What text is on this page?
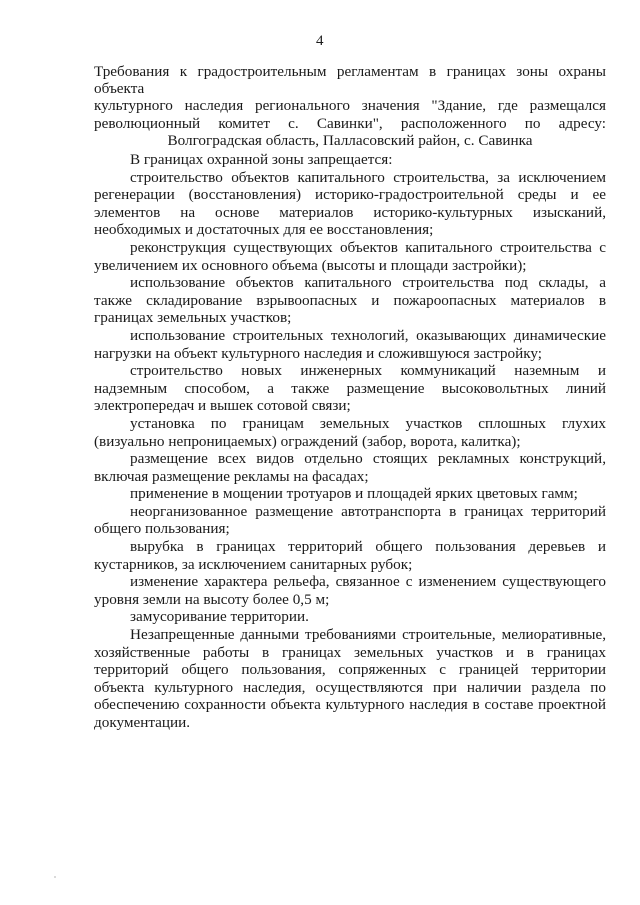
4
Требования к градостроительным регламентам в границах зоны охраны объекта
культурного наследия регионального значения "Здание, где размещался
революционный комитет с. Савинки", расположенного по адресу:
Волгоградская область, Палласовский район, с. Савинка

В границах охранной зоны запрещается:

строительство объектов капитального строительства, за исключением регенерации (восстановления) историко-градостроительной среды и ее элементов на основе материалов историко-культурных изысканий, необходимых и достаточных для ее восстановления;

реконструкция существующих объектов капитального строительства с увеличением их основного объема (высоты и площади застройки);

использование объектов капитального строительства под склады, а также складирование взрывоопасных и пожароопасных материалов в границах земельных участков;

использование строительных технологий, оказывающих динамические нагрузки на объект культурного наследия и сложившуюся застройку;

строительство новых инженерных коммуникаций наземным и надземным способом, а также размещение высоковольтных линий электропередач и вышек сотовой связи;

установка по границам земельных участков сплошных глухих (визуально непроницаемых) ограждений (забор, ворота, калитка);

размещение всех видов отдельно стоящих рекламных конструкций, включая размещение рекламы на фасадах;

применение в мощении тротуаров и площадей ярких цветовых гамм;

неорганизованное размещение автотранспорта в границах территорий общего пользования;

вырубка в границах территорий общего пользования деревьев и кустарников, за исключением санитарных рубок;

изменение характера рельефа, связанное с изменением существующего уровня земли на высоту более 0,5 м;

замусоривание территории.

Незапрещенные данными требованиями строительные, мелиоративные, хозяйственные работы в границах земельных участков и в границах территорий общего пользования, сопряженных с границей территории объекта культурного наследия, осуществляются при наличии раздела по обеспечению сохранности объекта культурного наследия в составе проектной документации.
